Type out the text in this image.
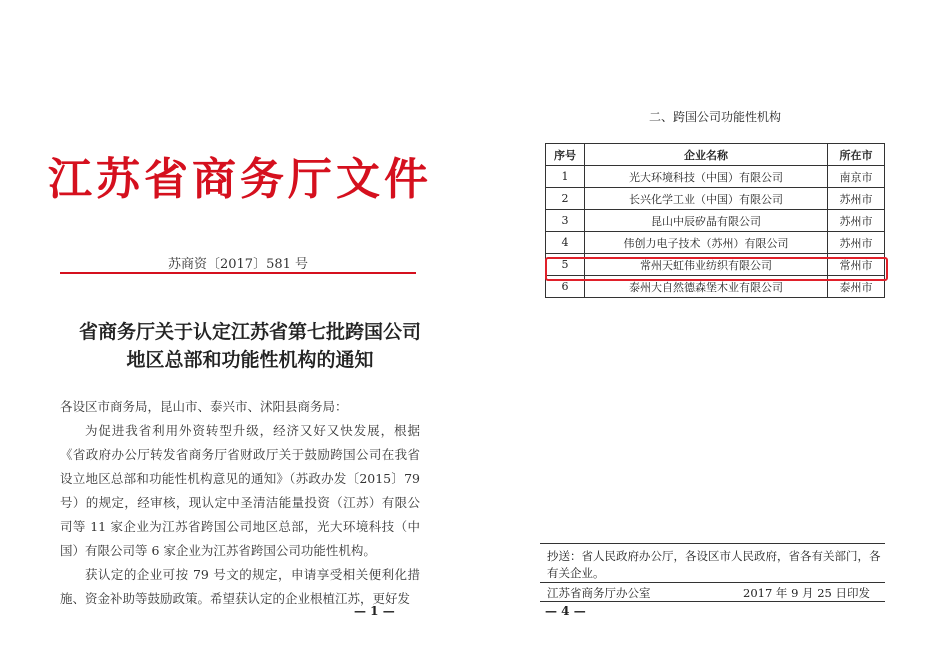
江苏省商务厅文件
苏商资〔2017〕581 号
省商务厅关于认定江苏省第七批跨国公司
地区总部和功能性机构的通知

各设区市商务局，昆山市、泰兴市、沭阳县商务局：

为促进我省利用外资转型升级，经济又好又快发展，根据《省政府办公厅转发省商务厅省财政厅关于鼓励跨国公司在我省设立地区总部和功能性机构意见的通知》（苏政办发〔2015〕79 号）的规定，经审核，现认定中圣清洁能量投资（江苏）有限公司等 11 家企业为江苏省跨国公司地区总部，光大环境科技（中国）有限公司等 6 家企业为江苏省跨国公司功能性机构。

获认定的企业可按 79 号文的规定，申请享受相关便利化措施、资金补助等鼓励政策。希望获认定的企业根植江苏，更好发

— 1 —
二、跨国公司功能性机构
序号	企业名称	所在市
1	光大环境科技（中国）有限公司	南京市
2	长兴化学工业（中国）有限公司	苏州市
3	昆山中辰矽晶有限公司	苏州市
4	伟创力电子技术（苏州）有限公司	苏州市
5	常州天虹伟业纺织有限公司	常州市
6	泰州大自然德森堡木业有限公司	泰州市
抄送：省人民政府办公厅，各设区市人民政府，省各有关部门，各有关企业。
江苏省商务厅办公室	2017 年 9 月 25 日印发
— 4 —
